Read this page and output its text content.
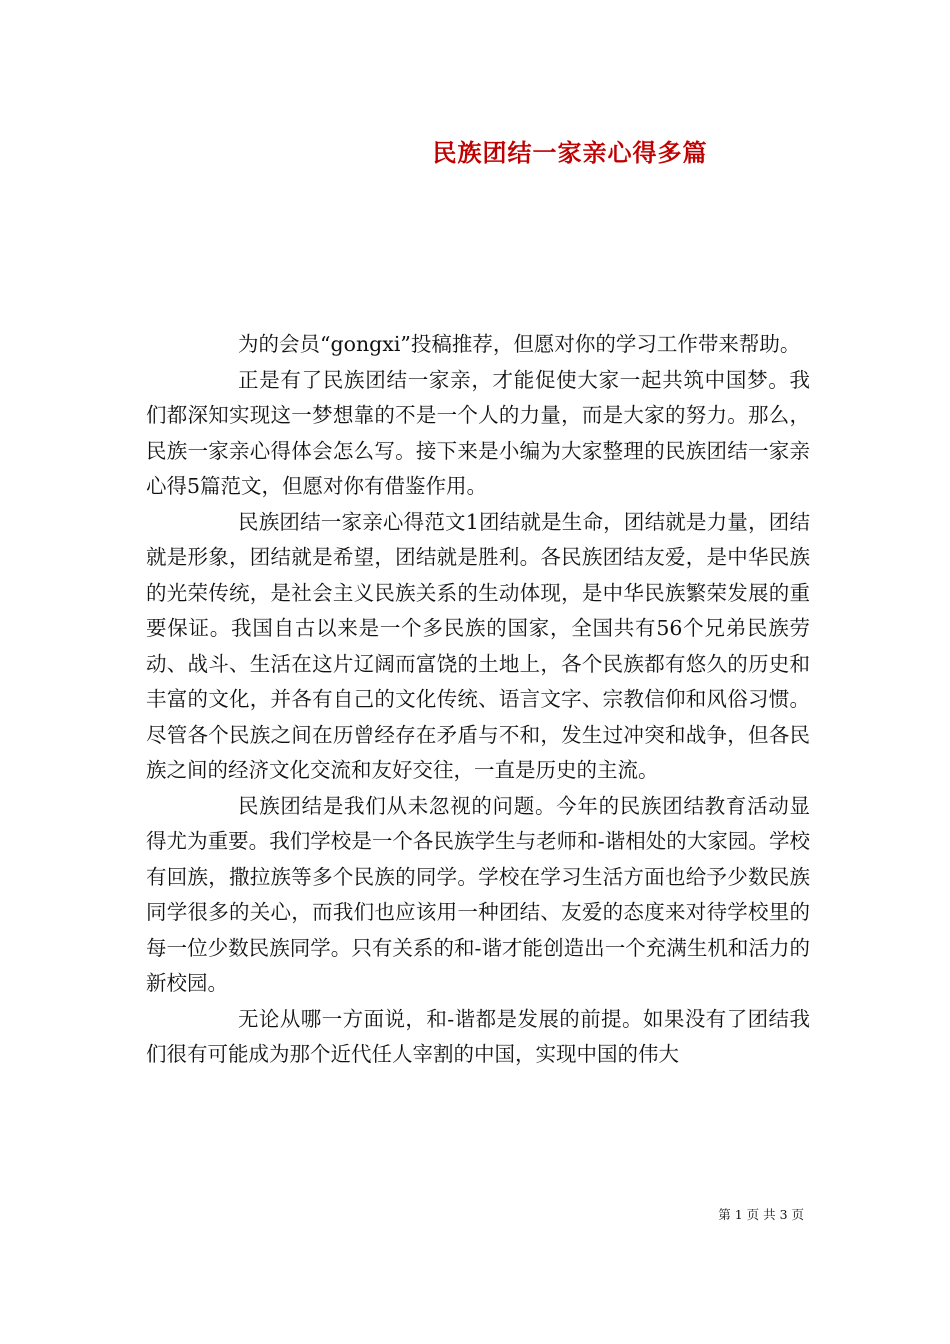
民族团结一家亲心得多篇

为的会员“gongxi”投稿推荐，但愿对你的学习工作带来帮助。

正是有了民族团结一家亲，才能促使大家一起共筑中国梦。我们都深知实现这一梦想靠的不是一个人的力量，而是大家的努力。那么，民族一家亲心得体会怎么写。接下来是小编为大家整理的民族团结一家亲心得5篇范文，但愿对你有借鉴作用。

民族团结一家亲心得范文1团结就是生命，团结就是力量，团结就是形象，团结就是希望，团结就是胜利。各民族团结友爱，是中华民族的光荣传统，是社会主义民族关系的生动体现，是中华民族繁荣发展的重要保证。我国自古以来是一个多民族的国家，全国共有56个兄弟民族劳动、战斗、生活在这片辽阔而富饶的土地上，各个民族都有悠久的历史和丰富的文化，并各有自己的文化传统、语言文字、宗教信仰和风俗习惯。尽管各个民族之间在历曾经存在矛盾与不和，发生过冲突和战争，但各民族之间的经济文化交流和友好交往，一直是历史的主流。

民族团结是我们从未忽视的问题。今年的民族团结教育活动显得尤为重要。我们学校是一个各民族学生与老师和-谐相处的大家园。学校有回族，撒拉族等多个民族的同学。学校在学习生活方面也给予少数民族同学很多的关心，而我们也应该用一种团结、友爱的态度来对待学校里的每一位少数民族同学。只有关系的和-谐才能创造出一个充满生机和活力的新校园。

无论从哪一方面说，和-谐都是发展的前提。如果没有了团结我们很有可能成为那个近代任人宰割的中国，实现中国的伟大

第 1 页 共 3 页
